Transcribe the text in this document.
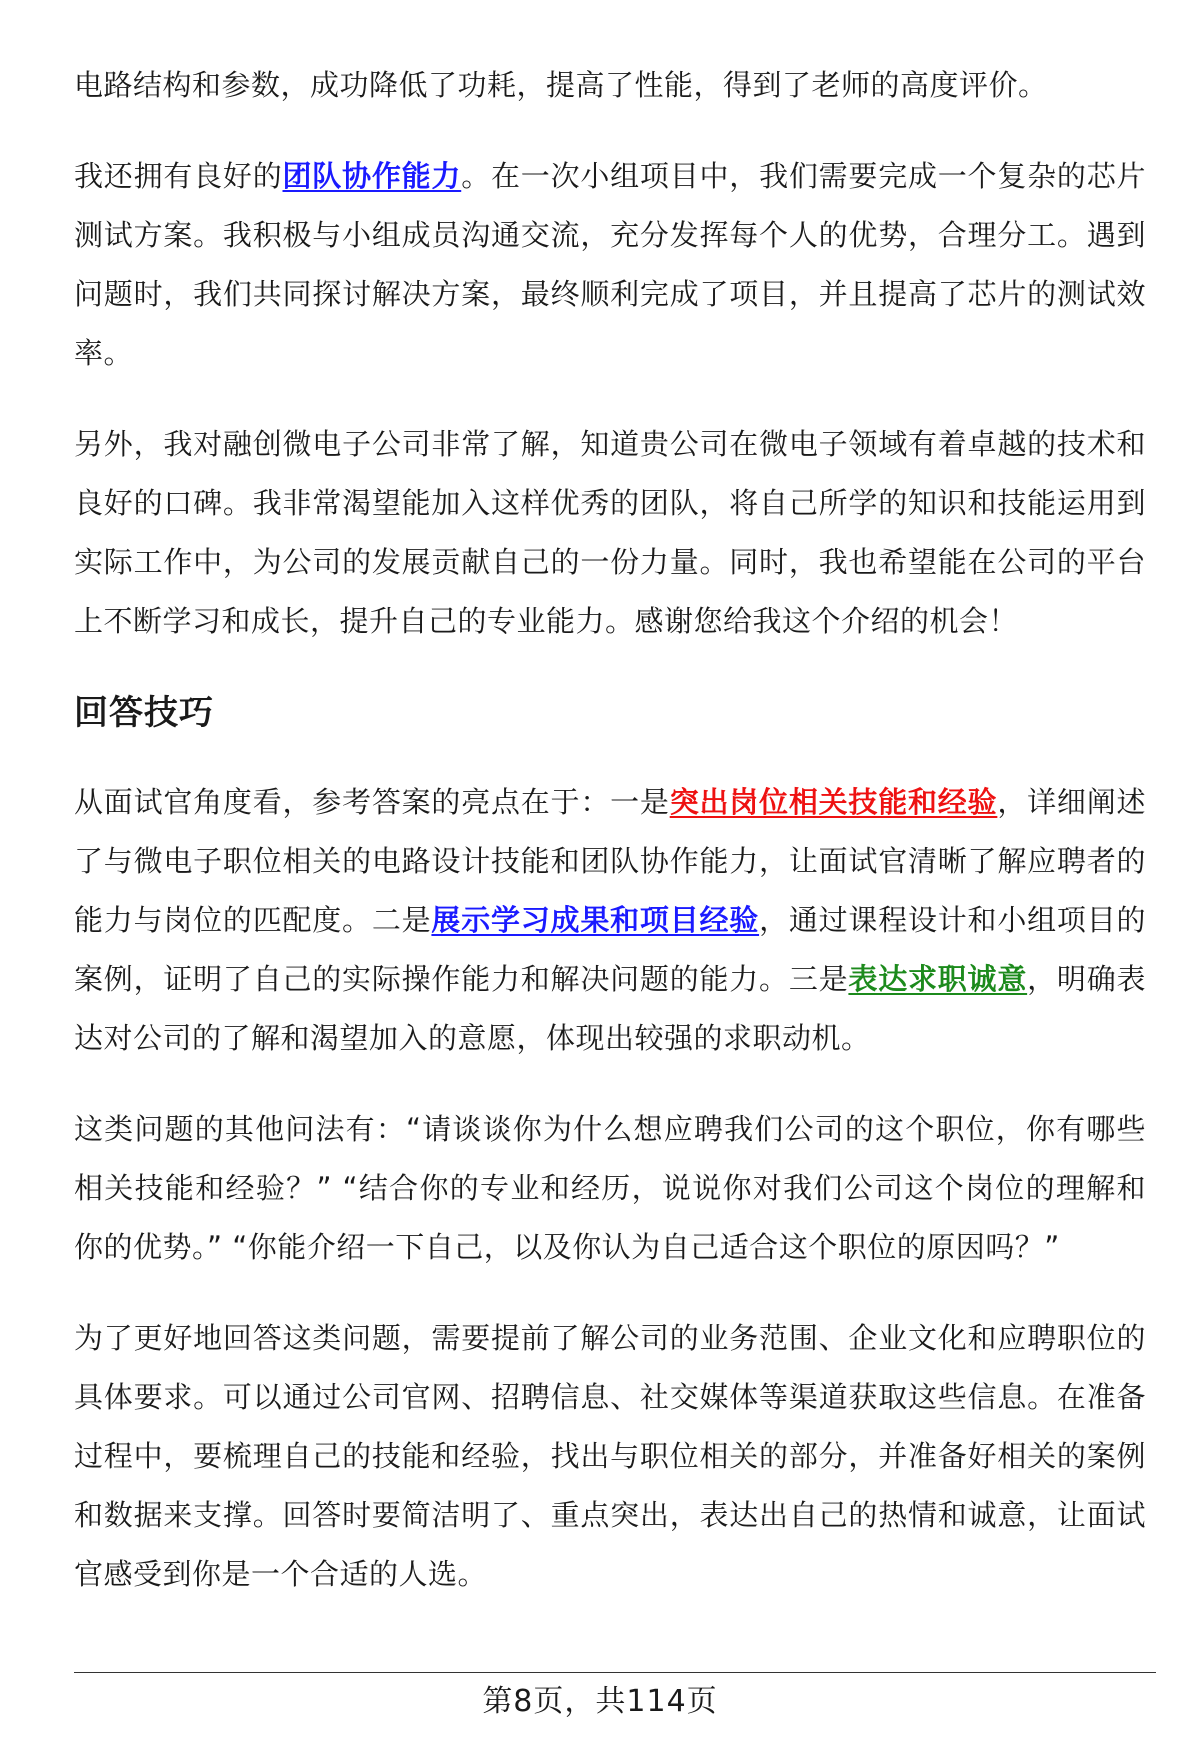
电路结构和参数，成功降低了功耗，提高了性能，得到了老师的高度评价。

我还拥有良好的团队协作能力。在一次小组项目中，我们需要完成一个复杂的芯片测试方案。我积极与小组成员沟通交流，充分发挥每个人的优势，合理分工。遇到问题时，我们共同探讨解决方案，最终顺利完成了项目，并且提高了芯片的测试效率。

另外，我对融创微电子公司非常了解，知道贵公司在微电子领域有着卓越的技术和良好的口碑。我非常渴望能加入这样优秀的团队，将自己所学的知识和技能运用到实际工作中，为公司的发展贡献自己的一份力量。同时，我也希望能在公司的平台上不断学习和成长，提升自己的专业能力。感谢您给我这个介绍的机会！

回答技巧

从面试官角度看，参考答案的亮点在于：一是突出岗位相关技能和经验，详细阐述了与微电子职位相关的电路设计技能和团队协作能力，让面试官清晰了解应聘者的能力与岗位的匹配度。二是展示学习成果和项目经验，通过课程设计和小组项目的案例，证明了自己的实际操作能力和解决问题的能力。三是表达求职诚意，明确表达对公司的了解和渴望加入的意愿，体现出较强的求职动机。

这类问题的其他问法有：“请谈谈你为什么想应聘我们公司的这个职位，你有哪些相关技能和经验？” “结合你的专业和经历，说说你对我们公司这个岗位的理解和你的优势。” “你能介绍一下自己，以及你认为自己适合这个职位的原因吗？”

为了更好地回答这类问题，需要提前了解公司的业务范围、企业文化和应聘职位的具体要求。可以通过公司官网、招聘信息、社交媒体等渠道获取这些信息。在准备过程中，要梳理自己的技能和经验，找出与职位相关的部分，并准备好相关的案例和数据来支撑。回答时要简洁明了、重点突出，表达出自己的热情和诚意，让面试官感受到你是一个合适的人选。

第8页，共114页
